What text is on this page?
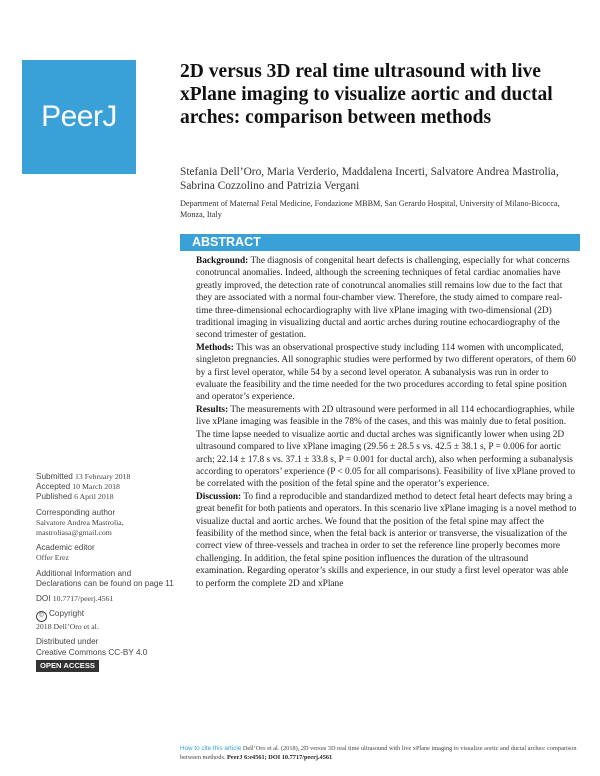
PeerJ
2D versus 3D real time ultrasound with live xPlane imaging to visualize aortic and ductal arches: comparison between methods
Stefania Dell’Oro, Maria Verderio, Maddalena Incerti, Salvatore Andrea Mastrolia, Sabrina Cozzolino and Patrizia Vergani
Department of Maternal Fetal Medicine, Fondazione MBBM, San Gerardo Hospital, University of Milano-Bicocca, Monza, Italy
ABSTRACT

Background: The diagnosis of congenital heart defects is challenging, especially for what concerns conotruncal anomalies. Indeed, although the screening techniques of fetal cardiac anomalies have greatly improved, the detection rate of conotruncal anomalies still remains low due to the fact that they are associated with a normal four-chamber view. Therefore, the study aimed to compare real-time three-dimensional echocardiography with live xPlane imaging with two-dimensional (2D) traditional imaging in visualizing ductal and aortic arches during routine echocardiography of the second trimester of gestation.

Methods: This was an observational prospective study including 114 women with uncomplicated, singleton pregnancies. All sonographic studies were performed by two different operators, of them 60 by a first level operator, while 54 by a second level operator. A subanalysis was run in order to evaluate the feasibility and the time needed for the two procedures according to fetal spine position and operator’s experience.

Results: The measurements with 2D ultrasound were performed in all 114 echocardiographies, while live xPlane imaging was feasible in the 78% of the cases, and this was mainly due to fetal position. The time lapse needed to visualize aortic and ductal arches was significantly lower when using 2D ultrasound compared to live xPlane imaging (29.56 ± 28.5 s vs. 42.5 ± 38.1 s, P = 0.006 for aortic arch; 22.14 ± 17.8 s vs. 37.1 ± 33.8 s, P = 0.001 for ductal arch), also when performing a subanalysis according to operators’ experience (P < 0.05 for all comparisons). Feasibility of live xPlane proved to be correlated with the position of the fetal spine and the operator’s experience.

Discussion: To find a reproducible and standardized method to detect fetal heart defects may bring a great benefit for both patients and operators. In this scenario live xPlane imaging is a novel method to visualize ductal and aortic arches. We found that the position of the fetal spine may affect the feasibility of the method since, when the fetal back is anterior or transverse, the visualization of the correct view of three-vessels and trachea in order to set the reference line properly becomes more challenging. In addition, the fetal spine position influences the duration of the ultrasound examination. Regarding operator’s skills and experience, in our study a first level operator was able to perform the complete 2D and xPlane

Submitted 13 February 2018
Accepted 10 March 2018
Published 6 April 2018
Corresponding author
Salvatore Andrea Mastrolia,
mastroliasa@gmail.com
Academic editor
Offer Erez
Additional Information and Declarations can be found on page 11
DOI 10.7717/peerj.4561
© Copyright
2018 Dell’Oro et al.
Distributed under
Creative Commons CC-BY 4.0
OPEN ACCESS
How to cite this article Dell’Oro et al. (2018), 2D versus 3D real time ultrasound with live xPlane imaging to visualize aortic and ductal arches: comparison between methods. PeerJ 6:e4561; DOI 10.7717/peerj.4561
